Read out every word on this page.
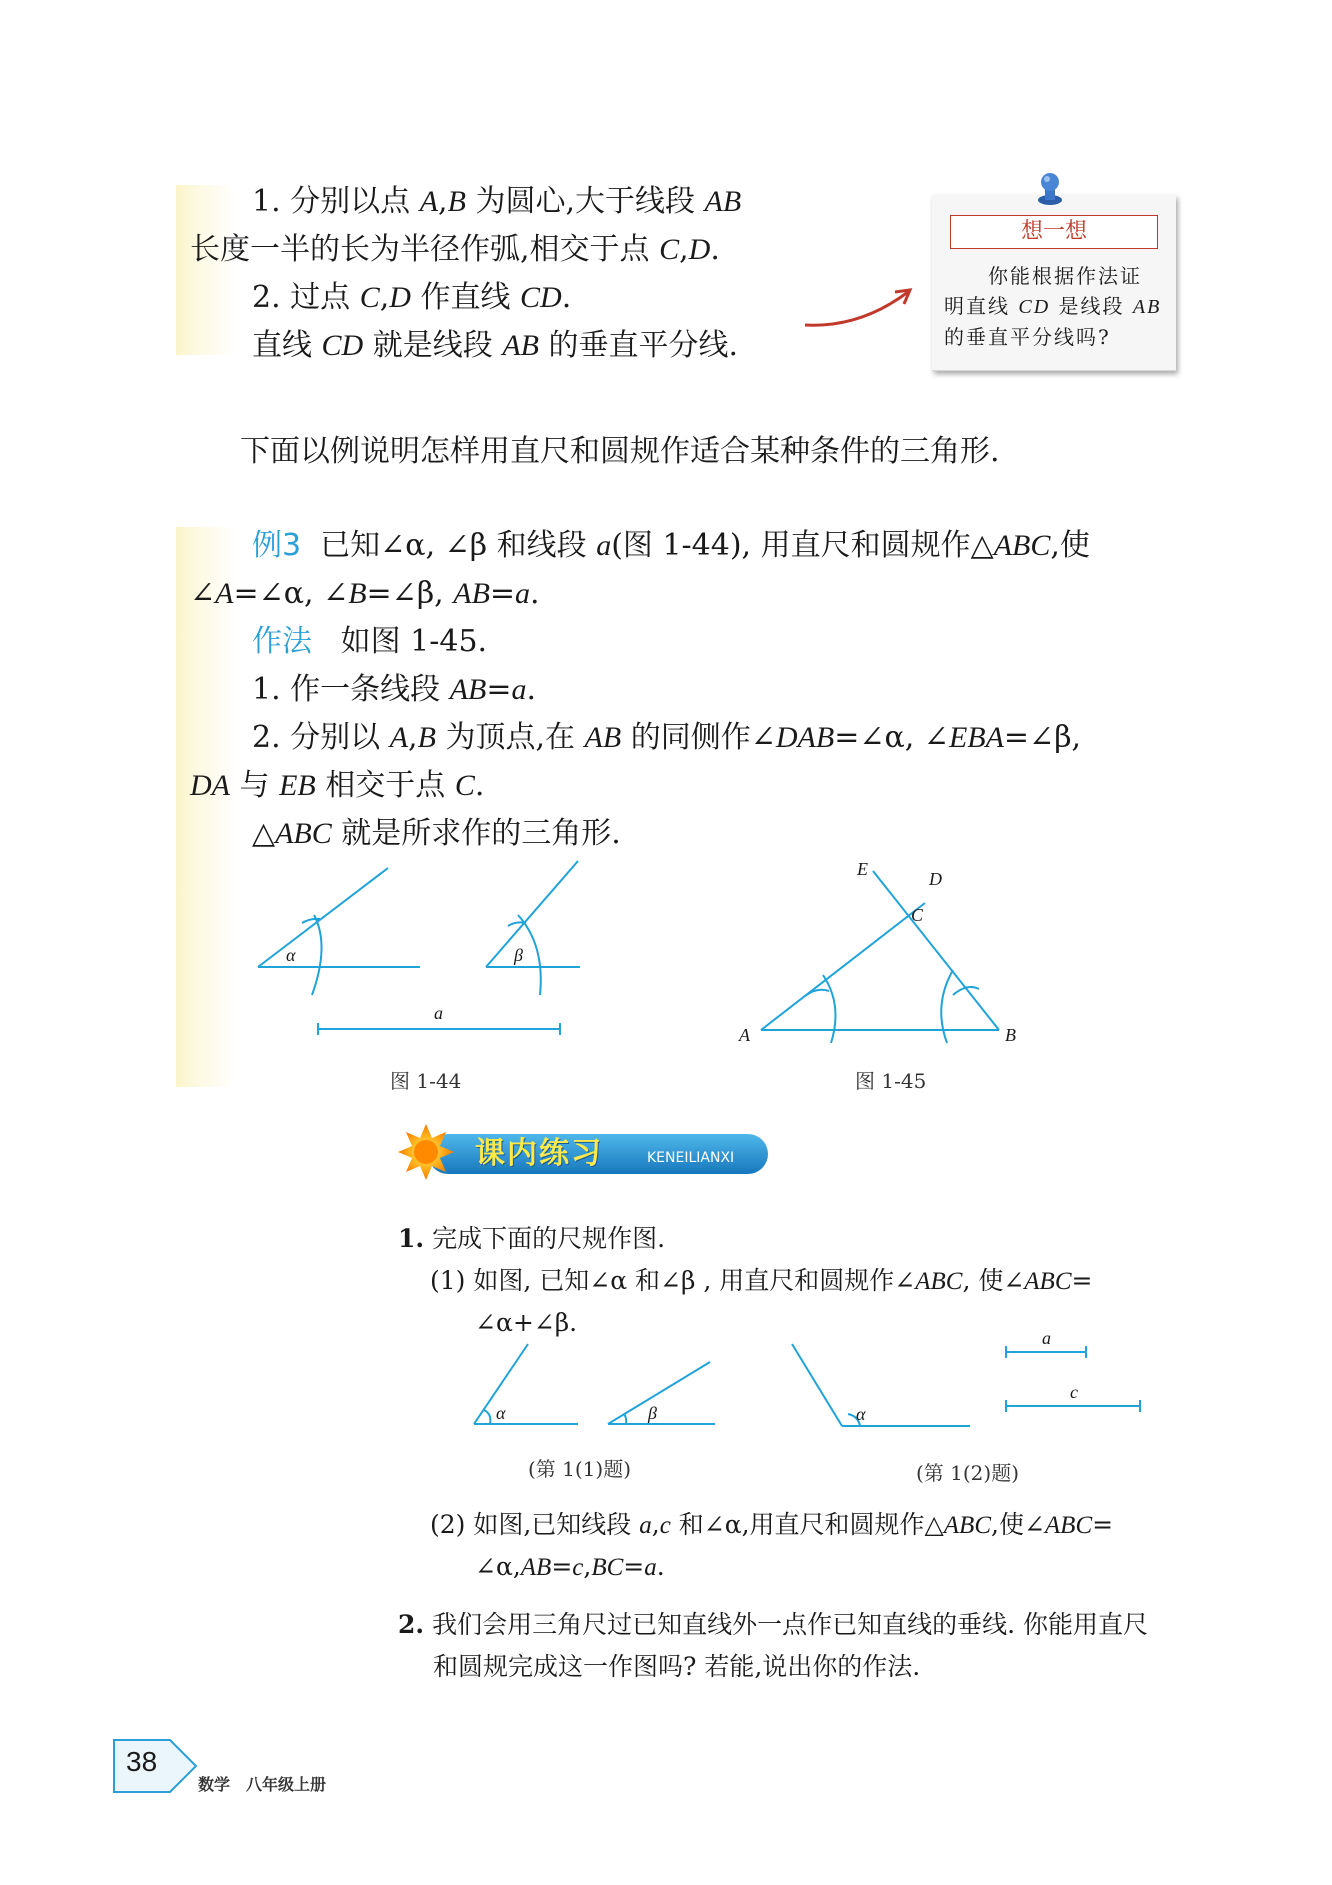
1. 分别以点 A,B 为圆心,大于线段 AB
长度一半的长为半径作弧,相交于点 C,D.
2. 过点 C,D 作直线 CD.
直线 CD 就是线段 AB 的垂直平分线.
想一想
你能根据作法证
明直线 CD 是线段 AB
的垂直平分线吗?
下面以例说明怎样用直尺和圆规作适合某种条件的三角形.
例3 已知∠α, ∠β 和线段 a(图 1-44), 用直尺和圆规作△ABC,使
∠A=∠α, ∠B=∠β, AB=a.
作法 如图 1-45.
1. 作一条线段 AB=a.
2. 分别以 A,B 为顶点,在 AB 的同侧作∠DAB=∠α, ∠EBA=∠β,
DA 与 EB 相交于点 C.
△ABC 就是所求作的三角形.
α	β
a
图 1-44
A	B
C
D
E
图 1-45
课内练习	KENEILIANXI
1. 完成下面的尺规作图.
(1) 如图, 已知∠α 和∠β , 用直尺和圆规作∠ABC, 使∠ABC=
∠α+∠β.
α	β	α
a
c
(第 1(1)题)	(第 1(2)题)
(2) 如图,已知线段 a,c 和∠α,用直尺和圆规作△ABC,使∠ABC=
∠α,AB=c,BC=a.
2. 我们会用三角尺过已知直线外一点作已知直线的垂线. 你能用直尺
和圆规完成这一作图吗? 若能,说出你的作法.
38
数学　八年级上册
